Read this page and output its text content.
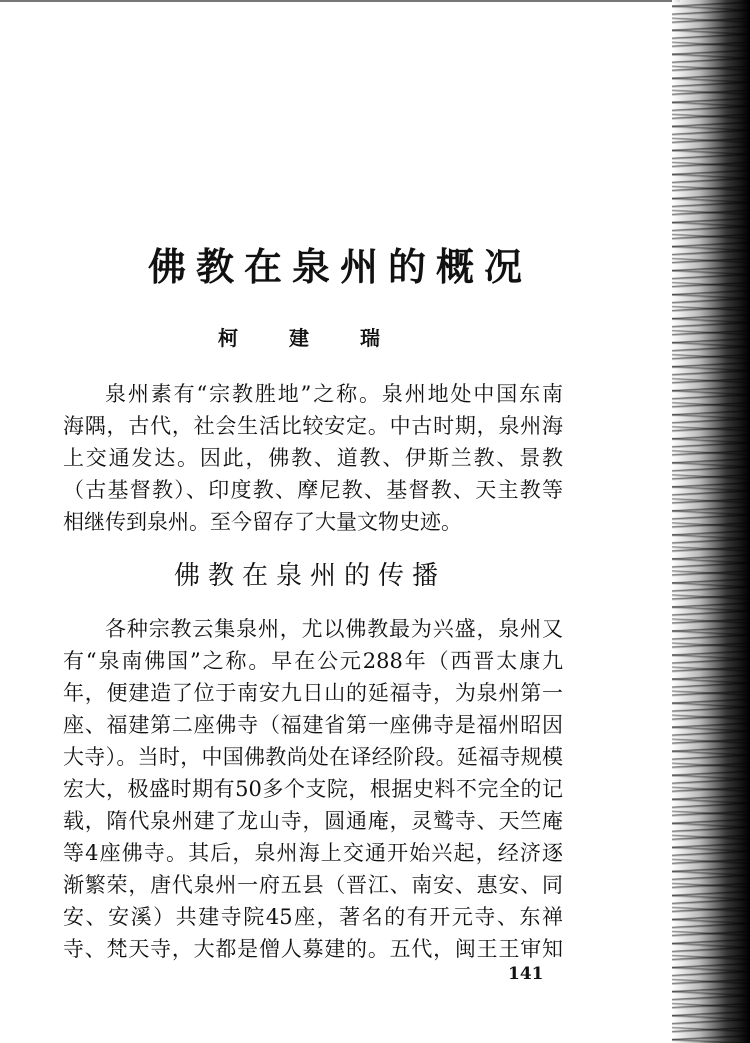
佛教在泉州的概况
柯 建 瑞
泉州素有“宗教胜地”之称。泉州地处中国东南
海隅，古代，社会生活比较安定。中古时期，泉州海
上交通发达。因此，佛教、道教、伊斯兰教、景教
（古基督教）、印度教、摩尼教、基督教、天主教等
相继传到泉州。至今留存了大量文物史迹。
佛教在泉州的传播
各种宗教云集泉州，尤以佛教最为兴盛，泉州又
有“泉南佛国”之称。早在公元288年（西晋太康九
年，便建造了位于南安九日山的延福寺，为泉州第一
座、福建第二座佛寺（福建省第一座佛寺是福州昭因
大寺）。当时，中国佛教尚处在译经阶段。延福寺规模
宏大，极盛时期有50多个支院，根据史料不完全的记
载，隋代泉州建了龙山寺，圆通庵，灵鹫寺、天竺庵
等4座佛寺。其后，泉州海上交通开始兴起，经济逐
渐繁荣，唐代泉州一府五县（晋江、南安、惠安、同
安、安溪）共建寺院45座，著名的有开元寺、东禅
寺、梵天寺，大都是僧人募建的。五代，闽王王审知
141
